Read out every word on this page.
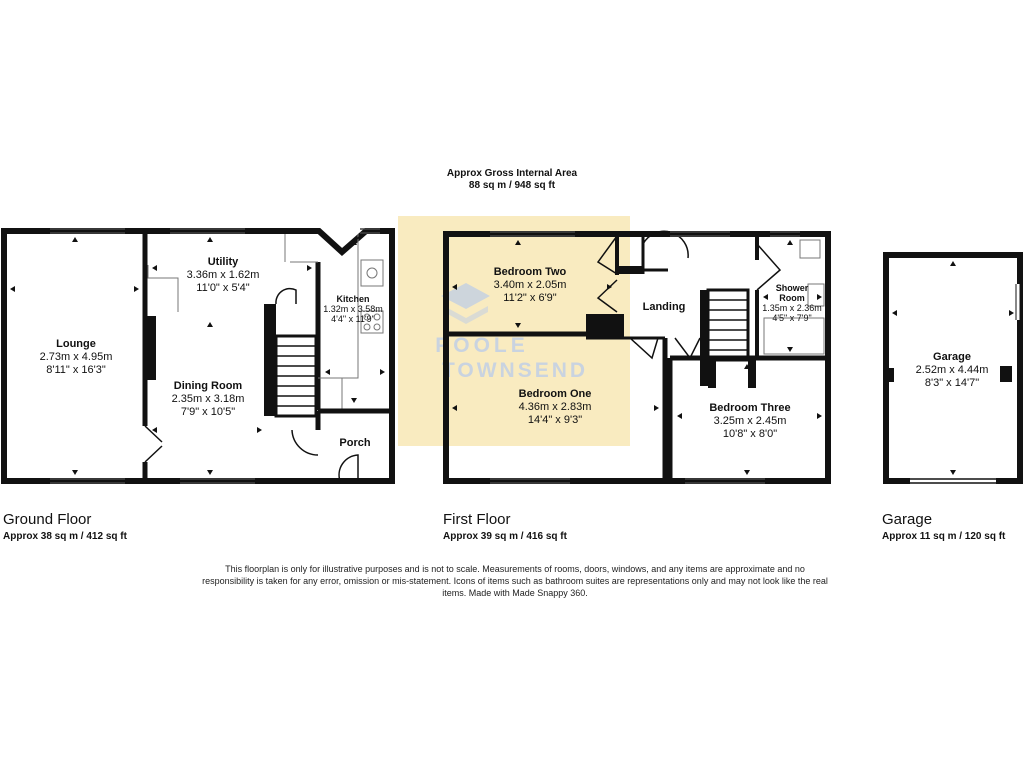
POOLE
TOWNSEND
Approx Gross Internal Area
88 sq m / 948 sq ft
Lounge
2.73m x 4.95m
8'11" x 16'3"
Utility
3.36m x 1.62m
11'0" x 5'4"
Kitchen
1.32m x 3.58m
4'4" x 11'9"
Dining Room
2.35m x 3.18m
7'9" x 10'5"
Porch
Bedroom Two
3.40m x 2.05m
11'2" x 6'9"
Landing
Shower
Room
1.35m x 2.36m
4'5" x 7'9"
Bedroom One
4.36m x 2.83m
14'4" x 9'3"
Bedroom Three
3.25m x 2.45m
10'8" x 8'0"
Garage
2.52m x 4.44m
8'3" x 14'7"
Ground Floor
Approx 38 sq m / 412 sq ft
First Floor
Approx 39 sq m / 416 sq ft
Garage
Approx 11 sq m / 120 sq ft
This floorplan is only for illustrative purposes and is not to scale. Measurements of rooms, doors, windows, and any items are approximate and no responsibility is taken for any error, omission or mis-statement. Icons of items such as bathroom suites are representations only and may not look like the real items. Made with Made Snappy 360.
